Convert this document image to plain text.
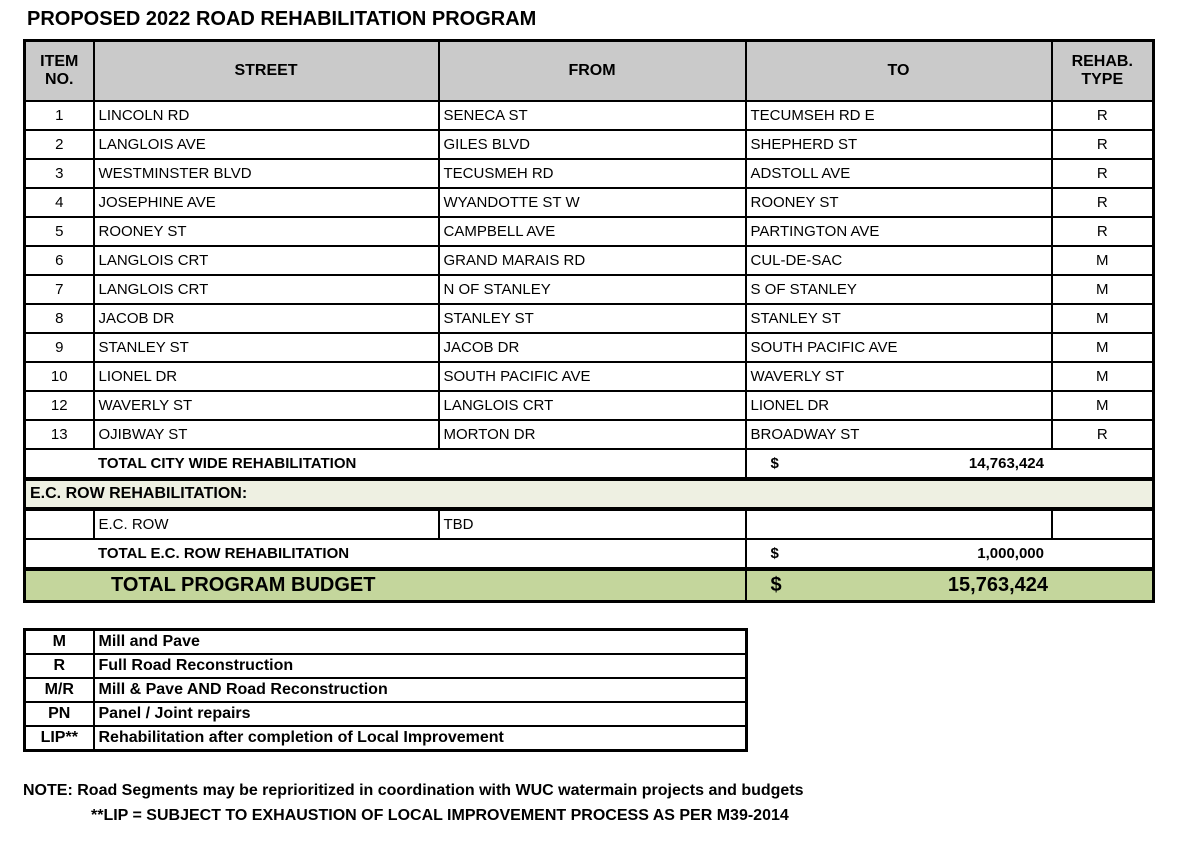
PROPOSED 2022 ROAD REHABILITATION PROGRAM
ITEM NO.	STREET	FROM	TO	REHAB. TYPE
1	LINCOLN RD	SENECA ST	TECUMSEH RD E	R
2	LANGLOIS AVE	GILES BLVD	SHEPHERD ST	R
3	WESTMINSTER BLVD	TECUSMEH RD	ADSTOLL AVE	R
4	JOSEPHINE AVE	WYANDOTTE ST W	ROONEY ST	R
5	ROONEY ST	CAMPBELL AVE	PARTINGTON AVE	R
6	LANGLOIS CRT	GRAND MARAIS RD	CUL-DE-SAC	M
7	LANGLOIS CRT	N OF STANLEY	S OF STANLEY	M
8	JACOB DR	STANLEY ST	STANLEY ST	M
9	STANLEY ST	JACOB DR	SOUTH PACIFIC AVE	M
10	LIONEL DR	SOUTH PACIFIC AVE	WAVERLY ST	M
12	WAVERLY ST	LANGLOIS CRT	LIONEL DR	M
13	OJIBWAY ST	MORTON DR	BROADWAY ST	R
TOTAL CITY WIDE REHABILITATION			$ 14,763,424	

E.C. ROW REHABILITATION:				
	E.C. ROW	TBD		
TOTAL E.C. ROW REHABILITATION			$ 1,000,000	

TOTAL PROGRAM BUDGET			$ 15,763,424	
M	Mill and Pave
R	Full Road Reconstruction
M/R	Mill & Pave AND Road Reconstruction
PN	Panel / Joint repairs
LIP**	Rehabilitation after completion of Local Improvement
NOTE: Road Segments may be reprioritized in coordination with WUC watermain projects and budgets
**LIP = SUBJECT TO EXHAUSTION OF LOCAL IMPROVEMENT PROCESS AS PER M39-2014
